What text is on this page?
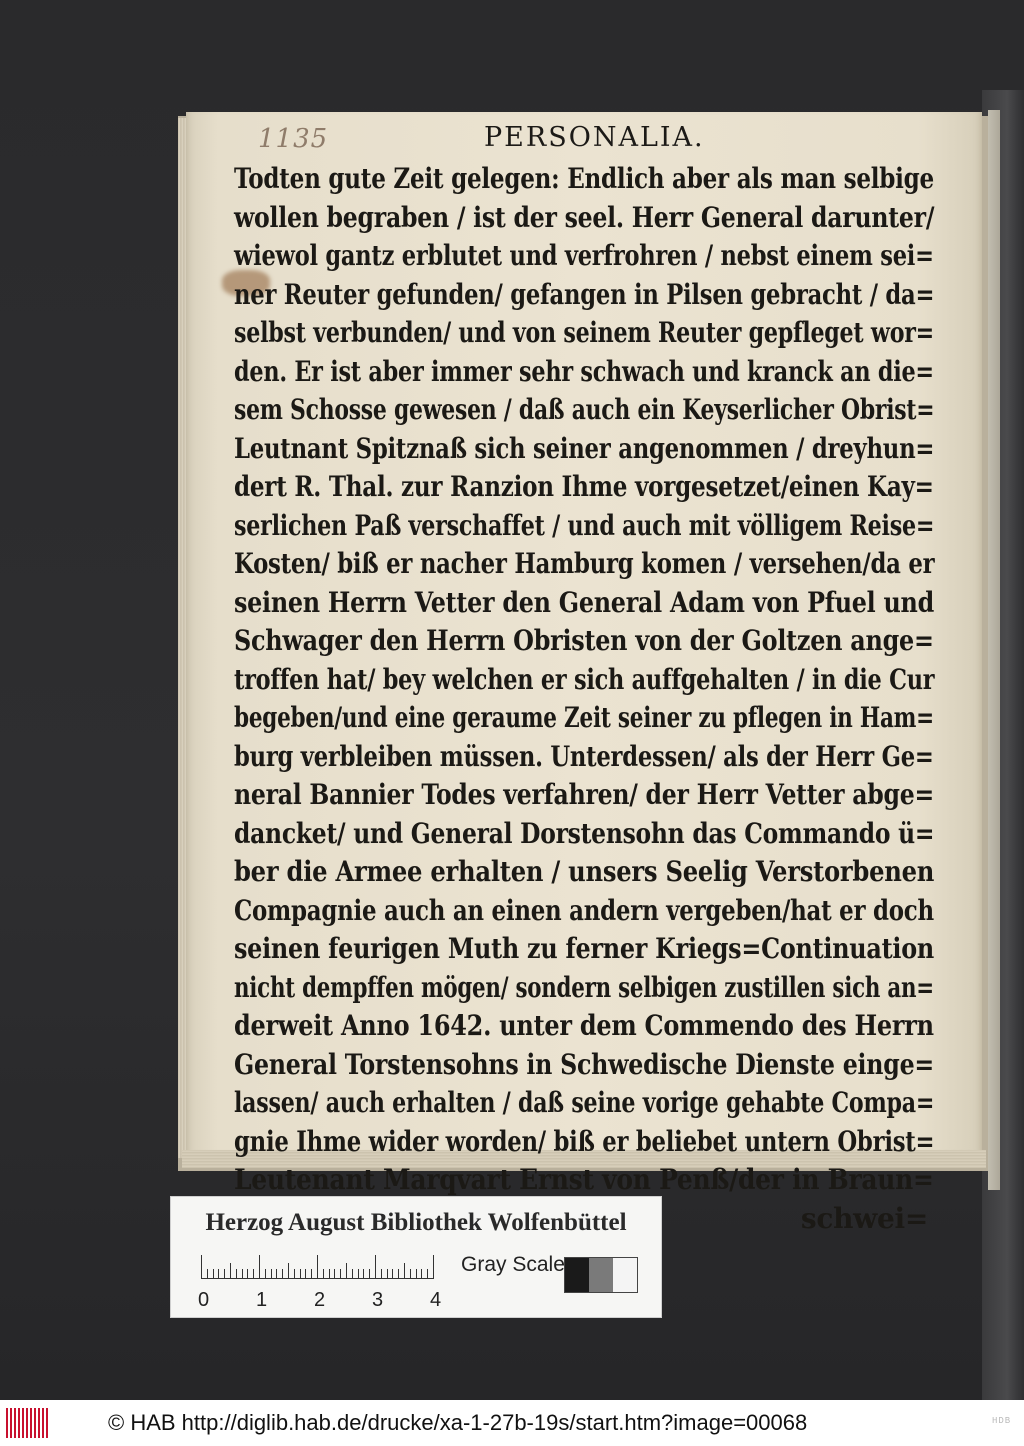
1135	PERSONALIA.
Todten gute Zeit gelegen: Endlich aber als man selbige
wollen begraben / ist der seel. Herr General darunter/
wiewol gantz erblutet und verfrohren / nebst einem sei=
ner Reuter gefunden/ gefangen in Pilsen gebracht / da=
selbst verbunden/ und von seinem Reuter gepfleget wor=
den. Er ist aber immer sehr schwach und kranck an die=
sem Schosse gewesen / daß auch ein Keyserlicher Obrist=
Leutnant Spitznaß sich seiner angenommen / dreyhun=
dert R. Thal. zur Ranzion Ihme vorgesetzet/einen Kay=
serlichen Paß verschaffet / und auch mit völligem Reise=
Kosten/ biß er nacher Hamburg komen / versehen/da er
seinen Herrn Vetter den General Adam von Pfuel und
Schwager den Herrn Obristen von der Goltzen ange=
troffen hat/ bey welchen er sich auffgehalten / in die Cur
begeben/und eine geraume Zeit seiner zu pflegen in Ham=
burg verbleiben müssen. Unterdessen/ als der Herr Ge=
neral Bannier Todes verfahren/ der Herr Vetter abge=
dancket/ und General Dorstensohn das Commando ü=
ber die Armee erhalten / unsers Seelig Verstorbenen
Compagnie auch an einen andern vergeben/hat er doch
seinen feurigen Muth zu ferner Kriegs=Continuation
nicht dempffen mögen/ sondern selbigen zustillen sich an=
derweit Anno 1642. unter dem Commendo des Herrn
General Torstensohns in Schwedische Dienste einge=
lassen/ auch erhalten / daß seine vorige gehabte Compa=
gnie Ihme wider worden/ biß er beliebet untern Obrist=
Leutenant Marqvart Ernst von Penß/der in Braun=
schwei=
Herzog August Bibliothek Wolfenbüttel
0 1 2 3 4
Gray Scale
© HAB http://diglib.hab.de/drucke/xa-1-27b-19s/start.htm?image=00068	HDB
